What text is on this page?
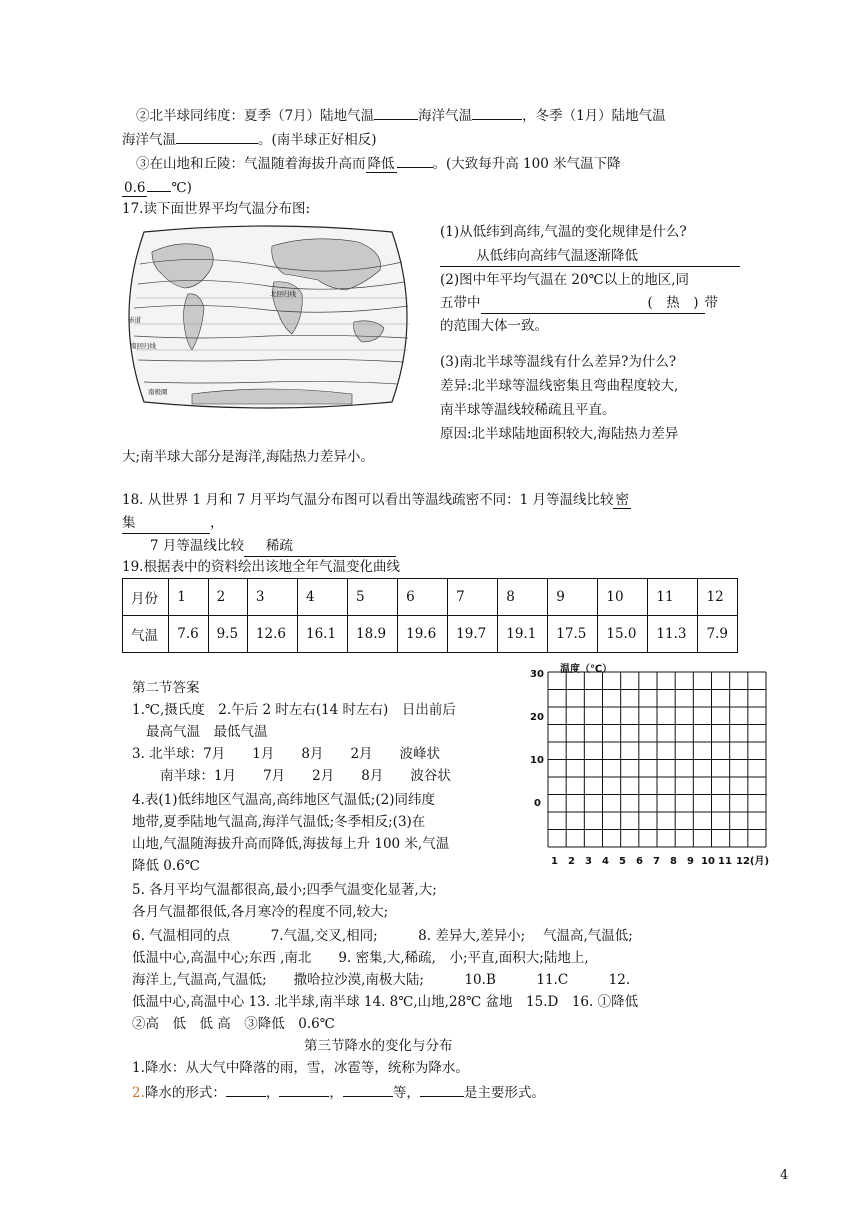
②北半球同纬度：夏季（7月）陆地气温	海洋气温	，冬季（1月）陆地气温
海洋气温	。(南半球正好相反)
③在山地和丘陵：气温随着海拔升高而 降低	。(大致每升高 100 米气温下降
0.6 ℃)
17.读下面世界平均气温分布图:
北回归线
赤道
南回归线
南极圈
(1)从低纬到高纬,气温的变化规律是什么?
从低纬向高纬气温逐渐降低
(2)图中年平均气温在 20℃以上的地区,同
五带中	(　热　) 带
的范围大体一致。
(3)南北半球等温线有什么差异?为什么?
差异:北半球等温线密集且弯曲程度较大,
南半球等温线较稀疏且平直。
原因:北半球陆地面积较大,海陆热力差异
大;南半球大部分是海洋,海陆热力差异小。
18. 从世界 1 月和 7 月平均气温分布图可以看出等温线疏密不同：1 月等温线比较 密
集	，
7 月等温线比较 稀疏
19.根据表中的资料绘出该地全年气温变化曲线
月份	1	2	3	4	5	6	7	8	9	10	11	12
气温	7.6	9.5	12.6	16.1	18.9	19.6	19.7	19.1	17.5	15.0	11.3	7.9
温度（℃）
30
20
10
0
1 2 3 4 5 6 7 8 9 10 11 12(月)
第二节答案
1.℃,摄氏度　2.午后 2 时左右(14 时左右)　日出前后
最高气温　最低气温
3. 北半球：7月　　1月　　8月　　2月　　波峰状
南半球：1月　　7月　　2月　　8月　　波谷状
4.表(1)低纬地区气温高,高纬地区气温低;(2)同纬度
地带,夏季陆地气温高,海洋气温低;冬季相反;(3)在
山地,气温随海拔升高而降低,海拔每上升 100 米,气温
降低 0.6℃
5. 各月平均气温都很高,最小;四季气温变化显著,大;
各月气温都很低,各月寒冷的程度不同,较大;
6. 气温相同的点　　　7.气温,交叉,相同;　　　8. 差异大,差异小;　 气温高,气温低;
低温中心,高温中心;东西 ,南北　　9. 密集,大,稀疏,　小;平直,面积大;陆地上,
海洋上,气温高,气温低;　　撒哈拉沙漠,南极大陆;　　　10.B　　　11.C　　　12.
低温中心,高温中心 13. 北半球,南半球 14. 8℃,山地,28℃ 盆地　15.D　16. ①降低
②高　低　低 高　③降低　0.6℃
第三节降水的变化与分布
1.降水：从大气中降落的雨，雪，冰雹等，统称为降水。
2.降水的形式：	，	，	等，	是主要形式。
4
